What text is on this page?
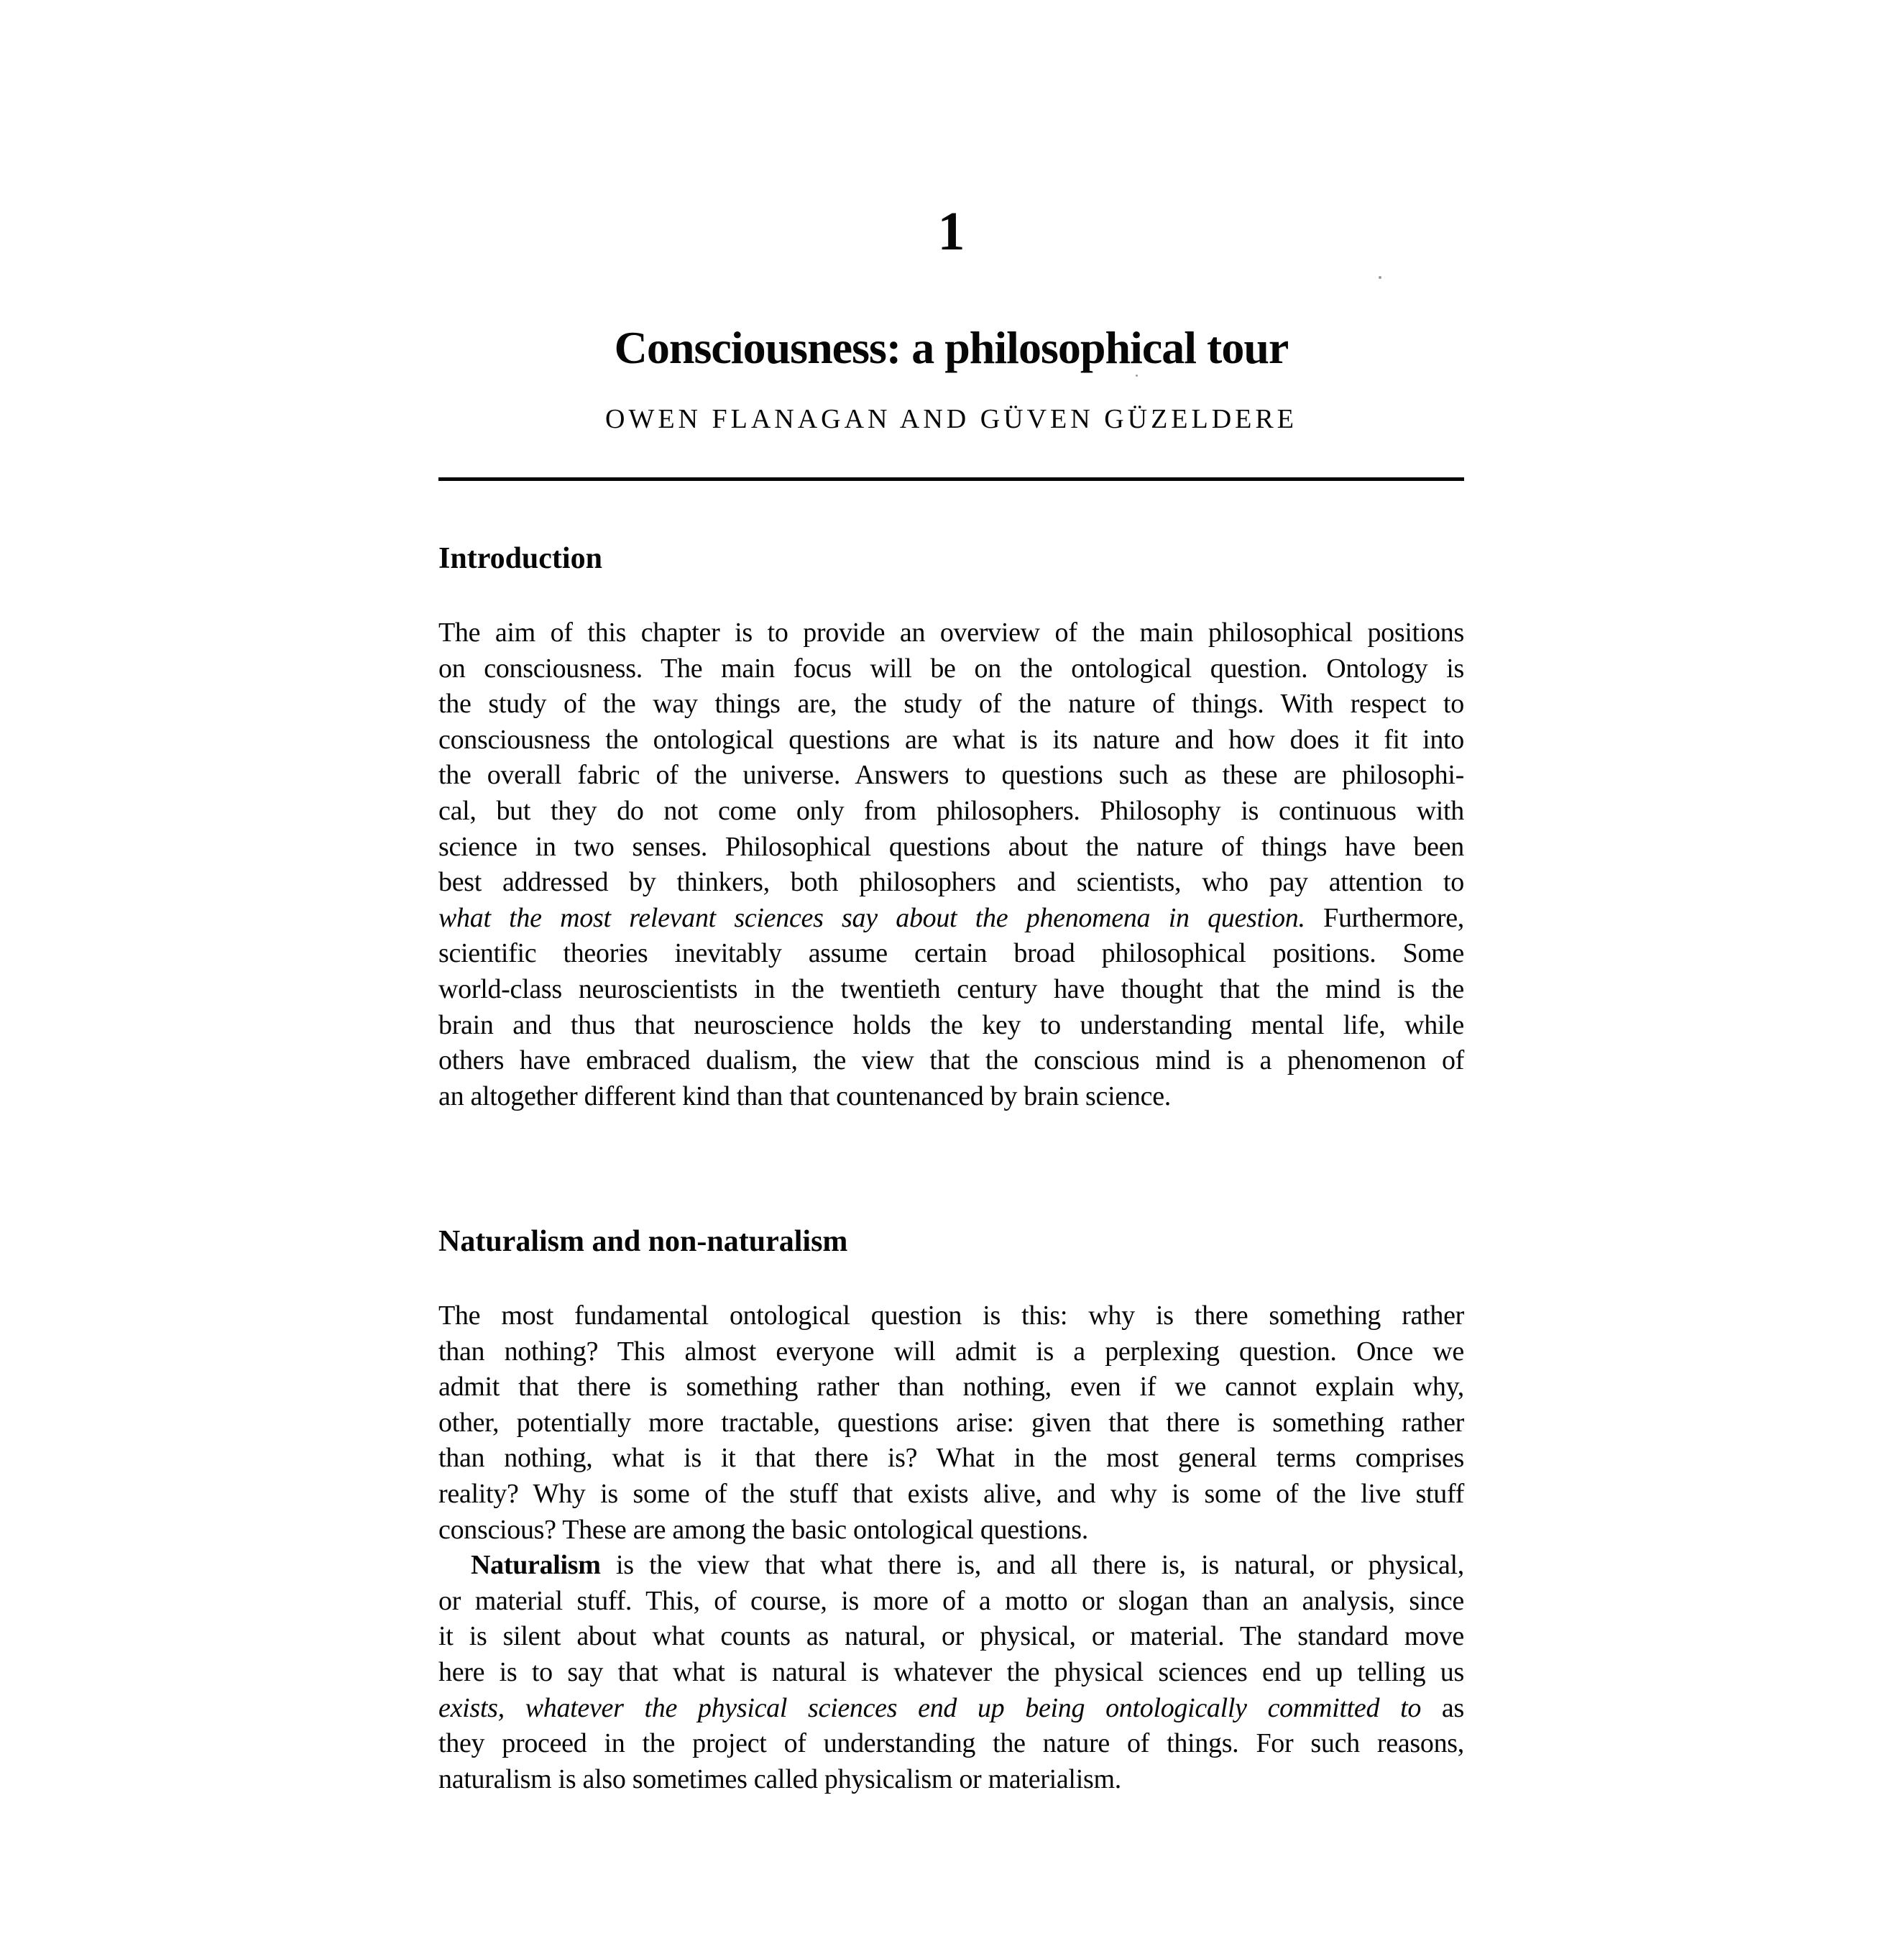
1
Consciousness: a philosophical tour
OWEN FLANAGAN AND GÜVEN GÜZELDERE
Introduction
The aim of this chapter is to provide an overview of the main philosophical positions
on consciousness. The main focus will be on the ontological question. Ontology is
the study of the way things are, the study of the nature of things. With respect to
consciousness the ontological questions are what is its nature and how does it fit into
the overall fabric of the universe. Answers to questions such as these are philosophi-
cal, but they do not come only from philosophers. Philosophy is continuous with
science in two senses. Philosophical questions about the nature of things have been
best addressed by thinkers, both philosophers and scientists, who pay attention to
what the most relevant sciences say about the phenomena in question. Furthermore,
scientific theories inevitably assume certain broad philosophical positions. Some
world-class neuroscientists in the twentieth century have thought that the mind is the
brain and thus that neuroscience holds the key to understanding mental life, while
others have embraced dualism, the view that the conscious mind is a phenomenon of
an altogether different kind than that countenanced by brain science.
Naturalism and non-naturalism
The most fundamental ontological question is this: why is there something rather
than nothing? This almost everyone will admit is a perplexing question. Once we
admit that there is something rather than nothing, even if we cannot explain why,
other, potentially more tractable, questions arise: given that there is something rather
than nothing, what is it that there is? What in the most general terms comprises
reality? Why is some of the stuff that exists alive, and why is some of the live stuff
conscious? These are among the basic ontological questions.
Naturalism is the view that what there is, and all there is, is natural, or physical,
or material stuff. This, of course, is more of a motto or slogan than an analysis, since
it is silent about what counts as natural, or physical, or material. The standard move
here is to say that what is natural is whatever the physical sciences end up telling us
exists, whatever the physical sciences end up being ontologically committed to as
they proceed in the project of understanding the nature of things. For such reasons,
naturalism is also sometimes called physicalism or materialism.
